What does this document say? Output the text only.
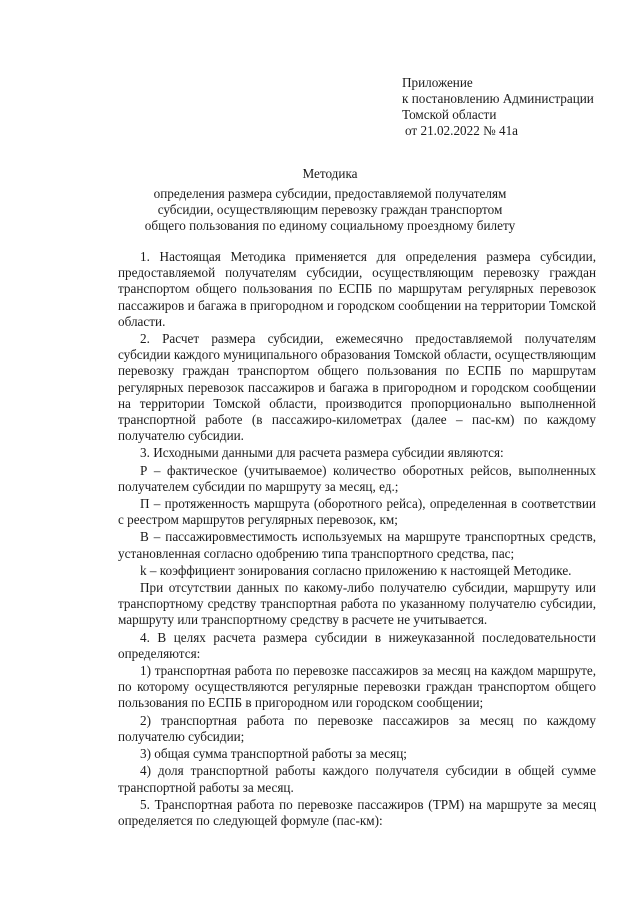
Приложение
к постановлению Администрации
Томской области
от 21.02.2022 № 41а
Методика
определения размера субсидии, предоставляемой получателям
субсидии, осуществляющим перевозку граждан транспортом
общего пользования по единому социальному проездному билету

1. Настоящая Методика применяется для определения размера субсидии, предоставляемой получателям субсидии, осуществляющим перевозку граждан транспортом общего пользования по ЕСПБ по маршрутам регулярных перевозок пассажиров и багажа в пригородном и городском сообщении на территории Томской области.

2. Расчет размера субсидии, ежемесячно предоставляемой получателям субсидии каждого муниципального образования Томской области, осуществляющим перевозку граждан транспортом общего пользования по ЕСПБ по маршрутам регулярных перевозок пассажиров и багажа в пригородном и городском сообщении на территории Томской области, производится пропорционально выполненной транспортной работе (в пассажиро-километрах (далее – пас-км) по каждому получателю субсидии.

3. Исходными данными для расчета размера субсидии являются:

Р – фактическое (учитываемое) количество оборотных рейсов, выполненных получателем субсидии по маршруту за месяц, ед.;

П – протяженность маршрута (оборотного рейса), определенная в соответствии с реестром маршрутов регулярных перевозок, км;

В – пассажировместимость используемых на маршруте транспортных средств, установленная согласно одобрению типа транспортного средства, пас;

k – коэффициент зонирования согласно приложению к настоящей Методике.

При отсутствии данных по какому-либо получателю субсидии, маршруту или транспортному средству транспортная работа по указанному получателю субсидии, маршруту или транспортному средству в расчете не учитывается.

4. В целях расчета размера субсидии в нижеуказанной последовательности определяются:

1) транспортная работа по перевозке пассажиров за месяц на каждом маршруте, по которому осуществляются регулярные перевозки граждан транспортом общего пользования по ЕСПБ в пригородном или городском сообщении;

2) транспортная работа по перевозке пассажиров за месяц по каждому получателю субсидии;

3) общая сумма транспортной работы за месяц;

4) доля транспортной работы каждого получателя субсидии в общей сумме транспортной работы за месяц.

5. Транспортная работа по перевозке пассажиров (ТРМ) на маршруте за месяц определяется по следующей формуле (пас-км):
